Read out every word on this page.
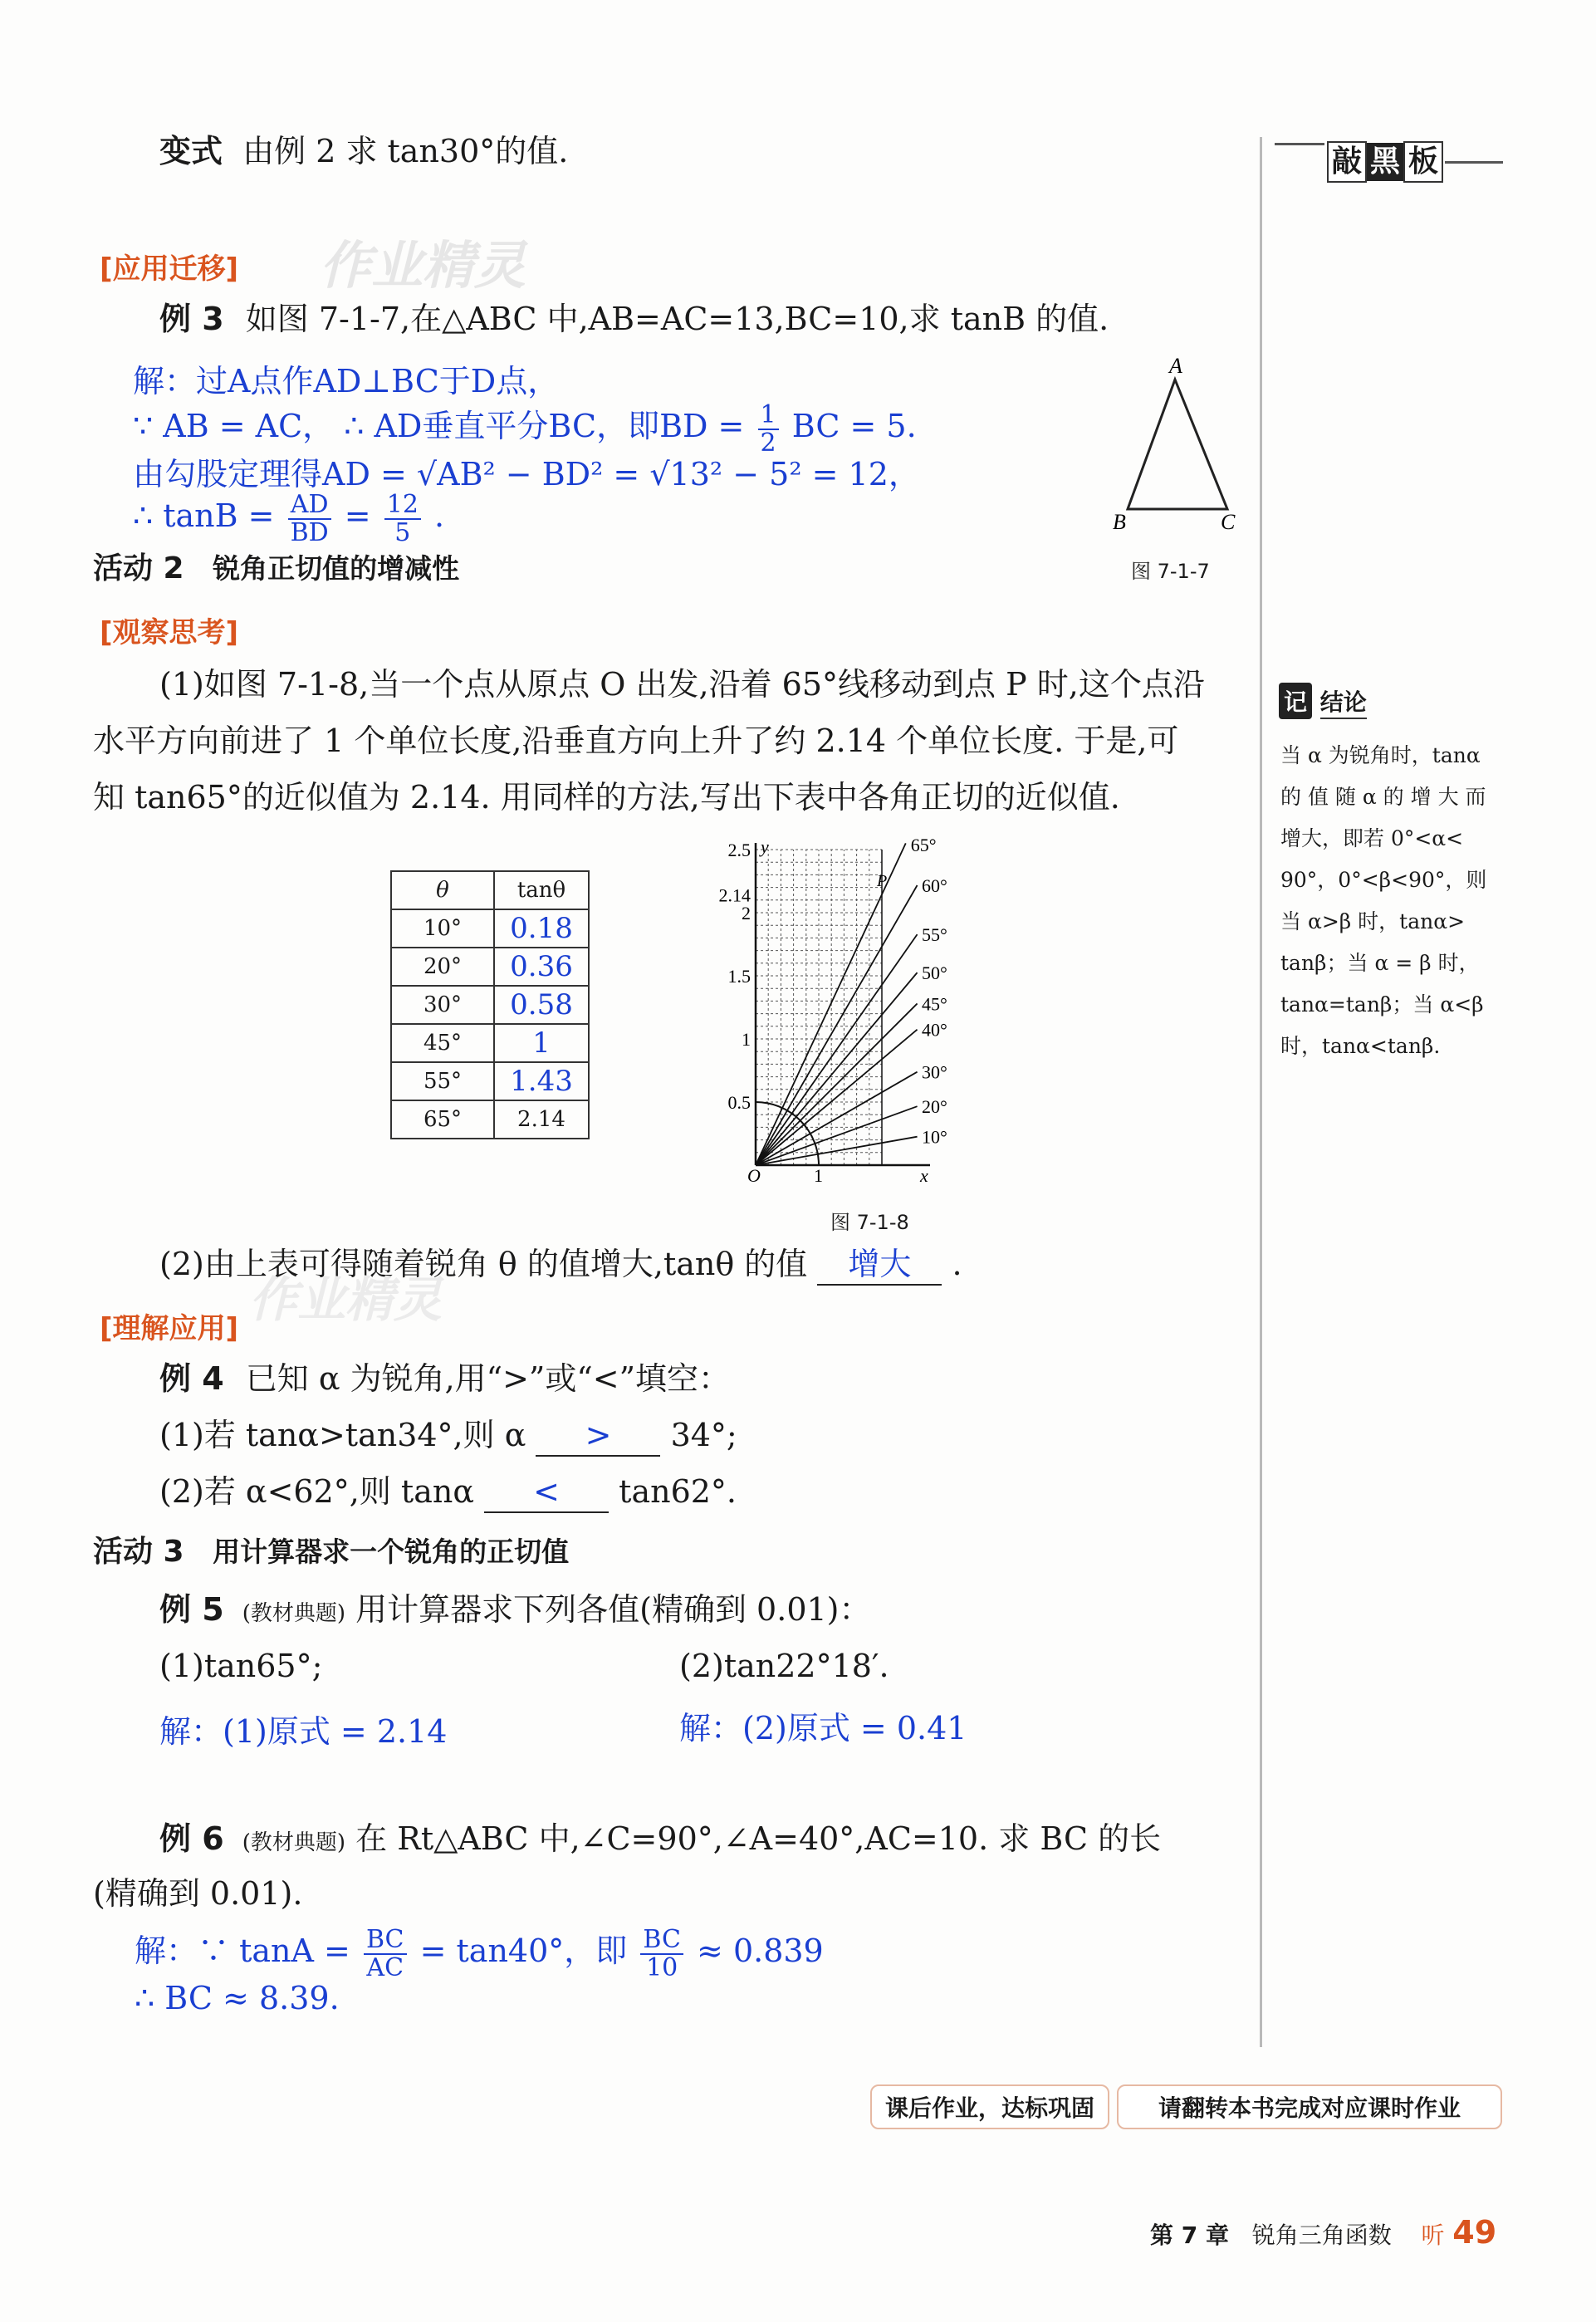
变式 由例 2 求 tan30°的值.	敲 黑 板
[应用迁移] 作业精灵
例 3 如图 7-1-7,在△ABC 中,AB=AC=13,BC=10,求 tanB 的值.
解：过A点作AD⊥BC于D点，
∵ AB = AC， ∴ AD垂直平分BC，即BD = $\frac{1}{2}$ BC = 5.
由勾股定理得AD = √AB² − BD² = √13² − 5² = 12，
∴ $\tan B = \frac{AD}{BD} = \frac{12}{5}$ .
A
B	C
图 7-1-7
活动 2 锐角正切值的增减性
[观察思考]
(1)如图 7-1-8,当一个点从原点 O 出发,沿着 65°线移动到点 P 时,这个点沿
水平方向前进了 1 个单位长度,沿垂直方向上升了约 2.14 个单位长度. 于是,可
知 tan65°的近似值为 2.14. 用同样的方法,写出下表中各角正切的近似值.
θ	tanθ
10°	0.18
20°	0.36
30°	0.58
45°	1
55°	1.43
65°	2.14
y
x
O	1
P
2.5
2.14
2
1.5
1
0.5
65°
60°
55°
50°
45°
40°
30°
20°
10°
图 7-1-8
记 结论
当 α 为锐角时，tanα
的 值 随 α 的 增 大 而
增大，即若 0°<α<
90°，0°<β<90°，则
当 α>β 时，tanα>
tanβ；当 α = β 时，
tanα=tanβ；当 α<β
时，tanα<tanβ.
(2)由上表可得随着锐角 θ 的值增大,tanθ 的值 增大 .
[理解应用]
作业精灵
例 4 已知 α 为锐角,用“>”或“<”填空：
(1)若 tanα>tan34°,则 α > 34°;
(2)若 α<62°,则 tanα < tan62°.
活动 3 用计算器求一个锐角的正切值
例 5 (教材典题) 用计算器求下列各值(精确到 0.01)：
(1)tan65°;	(2)tan22°18′.
解：(1)原式 = 2.14	解：(2)原式 = 0.41
例 6 (教材典题) 在 Rt△ABC 中,∠C=90°,∠A=40°,AC=10. 求 BC 的长
(精确到 0.01).
解：∵ $\tan A = \frac{BC}{AC} = \tan 40^\circ$，即 $\frac{BC}{10} \approx 0.839$
∴ BC ≈ 8.39.
课后作业，达标巩固	请翻转本书完成对应课时作业
第 7 章 锐角三角函数 听 49
